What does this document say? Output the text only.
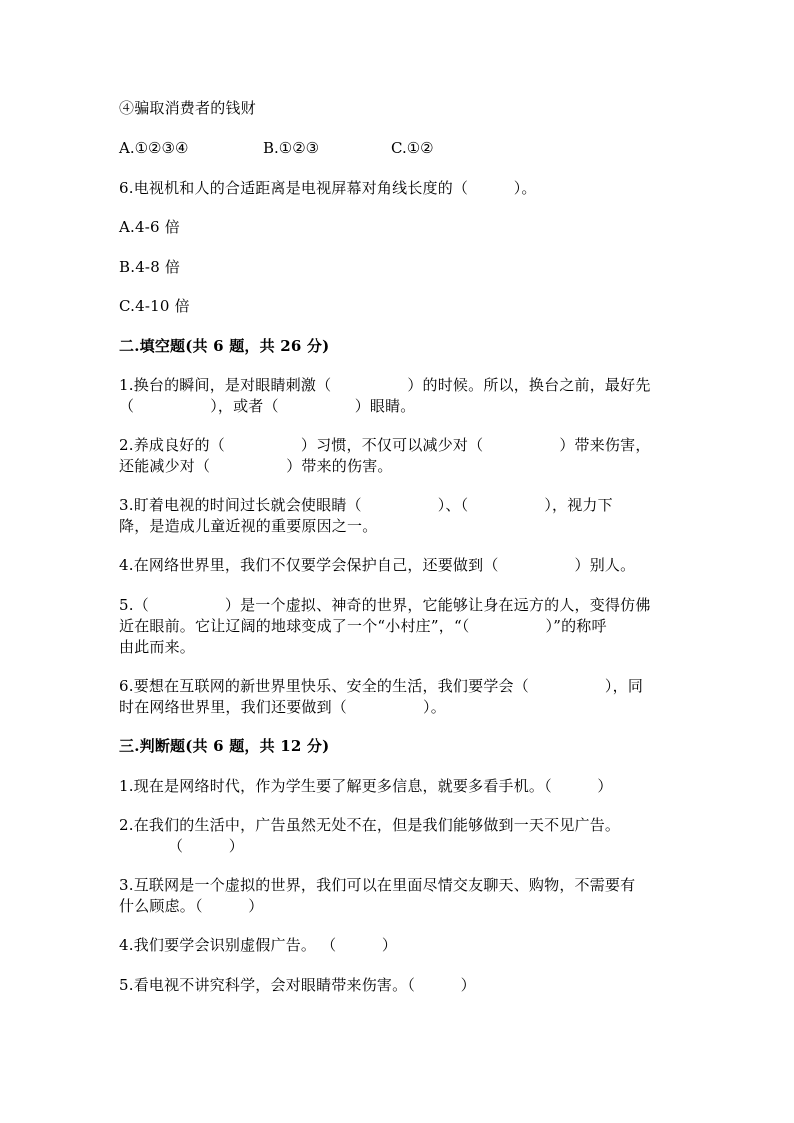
④骗取消费者的钱财
A.①②③④	B.①②③	C.①②
6.电视机和人的合适距离是电视屏幕对角线长度的（　　　）。
A.4-6 倍
B.4-8 倍
C.4-10 倍
二.填空题(共 6 题，共 26 分)
1.换台的瞬间，是对眼睛刺激（　　　　　）的时候。所以，换台之前，最好先
（　　　　　），或者（　　　　　）眼睛。
2.养成良好的（　　　　　）习惯，不仅可以减少对（　　　　　）带来伤害，
还能减少对（　　　　　）带来的伤害。
3.盯着电视的时间过长就会使眼睛（　　　　　）、（　　　　　），视力下
降，是造成儿童近视的重要原因之一。
4.在网络世界里，我们不仅要学会保护自己，还要做到（　　　　　）别人。
5.（　　　　　）是一个虚拟、神奇的世界，它能够让身在远方的人，变得仿佛
近在眼前。它让辽阔的地球变成了一个“小村庄”，“（　　　　　）”的称呼
由此而来。
6.要想在互联网的新世界里快乐、安全的生活，我们要学会（　　　　　），同
时在网络世界里，我们还要做到（　　　　　）。
三.判断题(共 6 题，共 12 分)
1.现在是网络时代，作为学生要了解更多信息，就要多看手机。（　　　）
2.在我们的生活中，广告虽然无处不在，但是我们能够做到一天不见广告。
（　　　）
3.互联网是一个虚拟的世界，我们可以在里面尽情交友聊天、购物，不需要有
什么顾虑。（　　　）
4.我们要学会识别虚假广告。 （　　　）
5.看电视不讲究科学，会对眼睛带来伤害。（　　　）
